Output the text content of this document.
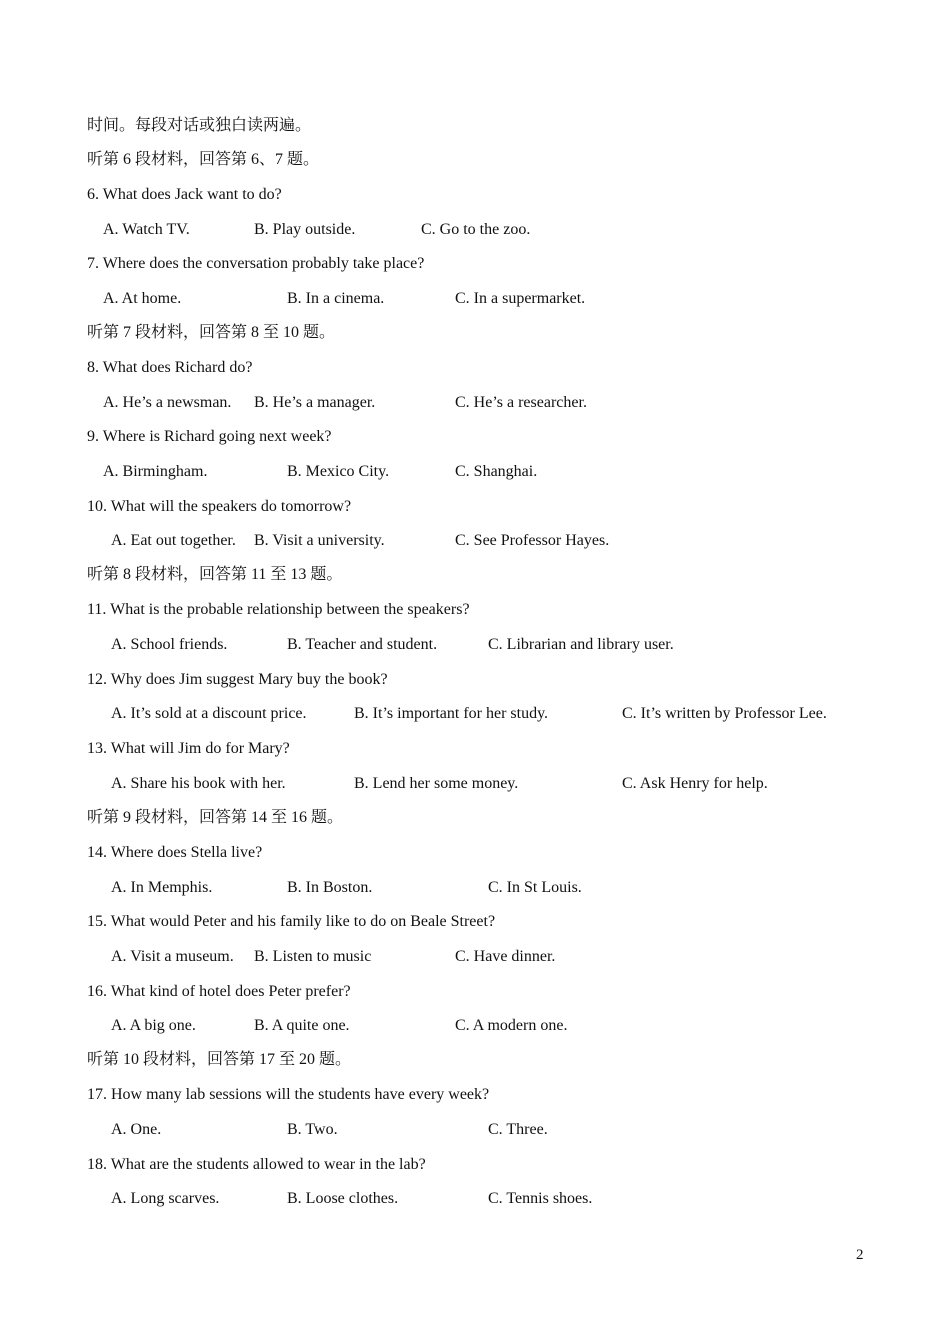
时间。每段对话或独白读两遍。
听第 6 段材料，回答第 6、7 题。
6. What does Jack want to do?
A. Watch TV.	B. Play outside.	C. Go to the zoo.
7. Where does the conversation probably take place?
A. At home.	B. In a cinema.	C. In a supermarket.
听第 7 段材料，回答第 8 至 10 题。
8. What does Richard do?
A. He’s a newsman. B. He’s a manager.	C. He’s a researcher.
9. Where is Richard going next week?
A. Birmingham.	B. Mexico City.	C. Shanghai.
10. What will the speakers do tomorrow?
A. Eat out together. B. Visit a university.	C. See Professor Hayes.
听第 8 段材料，回答第 11 至 13 题。
11. What is the probable relationship between the speakers?
A. School friends.	B. Teacher and student.	C. Librarian and library user.
12. Why does Jim suggest Mary buy the book?
A. It’s sold at a discount price.	B. It’s important for her study.	C. It’s written by Professor Lee.
13. What will Jim do for Mary?
A. Share his book with her.	B. Lend her some money.	C. Ask Henry for help.
听第 9 段材料，回答第 14 至 16 题。
14. Where does Stella live?
A. In Memphis.	B. In Boston.	C. In St Louis.
15. What would Peter and his family like to do on Beale Street?
A. Visit a museum. B. Listen to music	C. Have dinner.
16. What kind of hotel does Peter prefer?
A. A big one.	B. A quite one.	C. A modern one.
听第 10 段材料，回答第 17 至 20 题。
17. How many lab sessions will the students have every week?
A. One.	B. Two.	C. Three.
18. What are the students allowed to wear in the lab?
A. Long scarves.	B. Loose clothes.	C. Tennis shoes.
2
